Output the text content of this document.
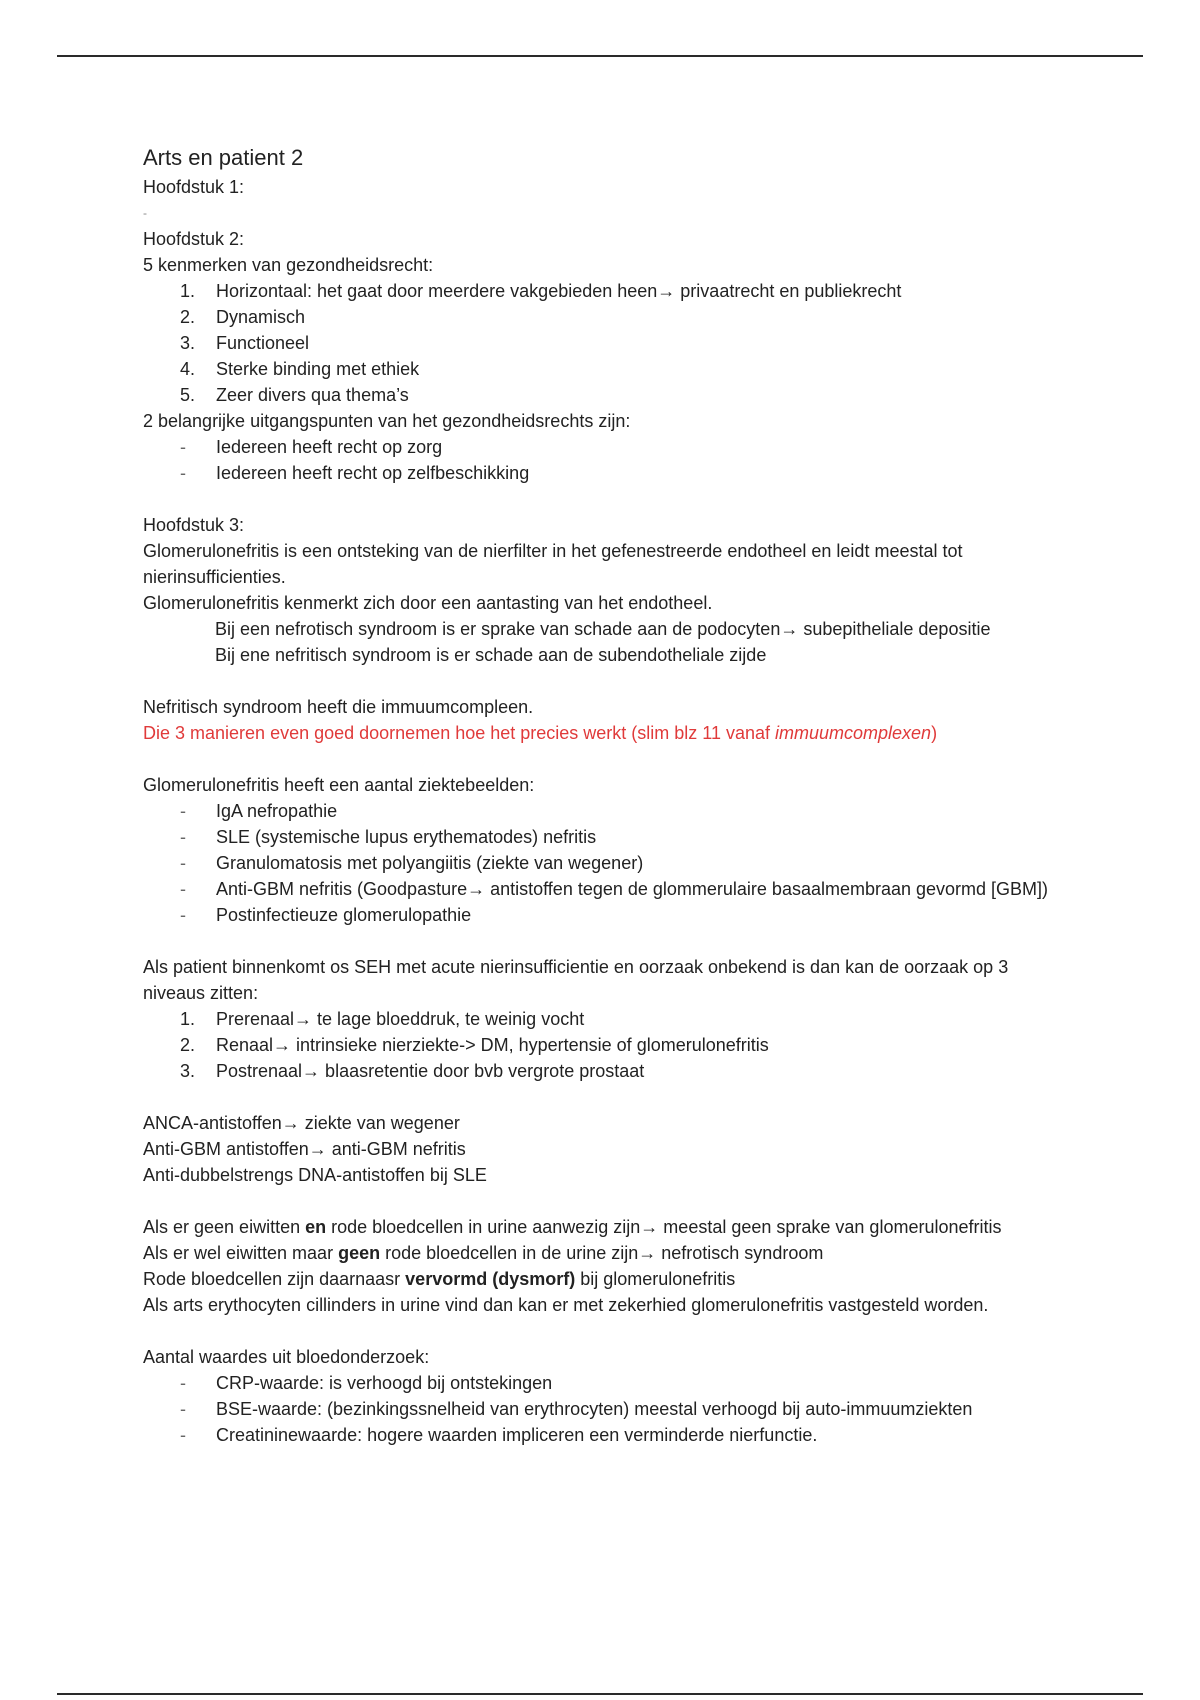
Arts en patient 2

Hoofdstuk 1:

-

Hoofdstuk 2:

5 kenmerken van gezondheidsrecht:

1. Horizontaal: het gaat door meerdere vakgebieden heen→ privaatrecht en publiekrecht
2. Dynamisch
3. Functioneel
4. Sterke binding met ethiek
5. Zeer divers qua thema’s

2 belangrijke uitgangspunten van het gezondheidsrechts zijn:

- Iedereen heeft recht op zorg
- Iedereen heeft recht op zelfbeschikking

Hoofdstuk 3:

Glomerulonefritis is een ontsteking van de nierfilter in het gefenestreerde endotheel en leidt meestal tot nierinsufficienties.

Glomerulonefritis kenmerkt zich door een aantasting van het endotheel.

Bij een nefrotisch syndroom is er sprake van schade aan de podocyten→ subepitheliale depositie

Bij ene nefritisch syndroom is er schade aan de subendotheliale zijde

Nefritisch syndroom heeft die immuumcompleen.

Die 3 manieren even goed doornemen hoe het precies werkt (slim blz 11 vanaf immuumcomplexen)

Glomerulonefritis heeft een aantal ziektebeelden:

- IgA nefropathie
- SLE (systemische lupus erythematodes) nefritis
- Granulomatosis met polyangiitis (ziekte van wegener)
- Anti-GBM nefritis (Goodpasture→ antistoffen tegen de glommerulaire basaalmembraan gevormd [GBM])
- Postinfectieuze glomerulopathie

Als patient binnenkomt os SEH met acute nierinsufficientie en oorzaak onbekend is dan kan de oorzaak op 3 niveaus zitten:

1. Prerenaal→ te lage bloeddruk, te weinig vocht
2. Renaal→ intrinsieke nierziekte-> DM, hypertensie of glomerulonefritis
3. Postrenaal→ blaasretentie door bvb vergrote prostaat

ANCA-antistoffen→ ziekte van wegener

Anti-GBM antistoffen→ anti-GBM nefritis

Anti-dubbelstrengs DNA-antistoffen bij SLE

Als er geen eiwitten en rode bloedcellen in urine aanwezig zijn→ meestal geen sprake van glomerulonefritis

Als er wel eiwitten maar geen rode bloedcellen in de urine zijn→ nefrotisch syndroom

Rode bloedcellen zijn daarnaasr vervormd (dysmorf) bij glomerulonefritis

Als arts erythocyten cillinders in urine vind dan kan er met zekerhied glomerulonefritis vastgesteld worden.

Aantal waardes uit bloedonderzoek:

- CRP-waarde: is verhoogd bij ontstekingen
- BSE-waarde: (bezinkingssnelheid van erythrocyten) meestal verhoogd bij auto-immuumziekten
- Creatininewaarde: hogere waarden impliceren een verminderde nierfunctie.
